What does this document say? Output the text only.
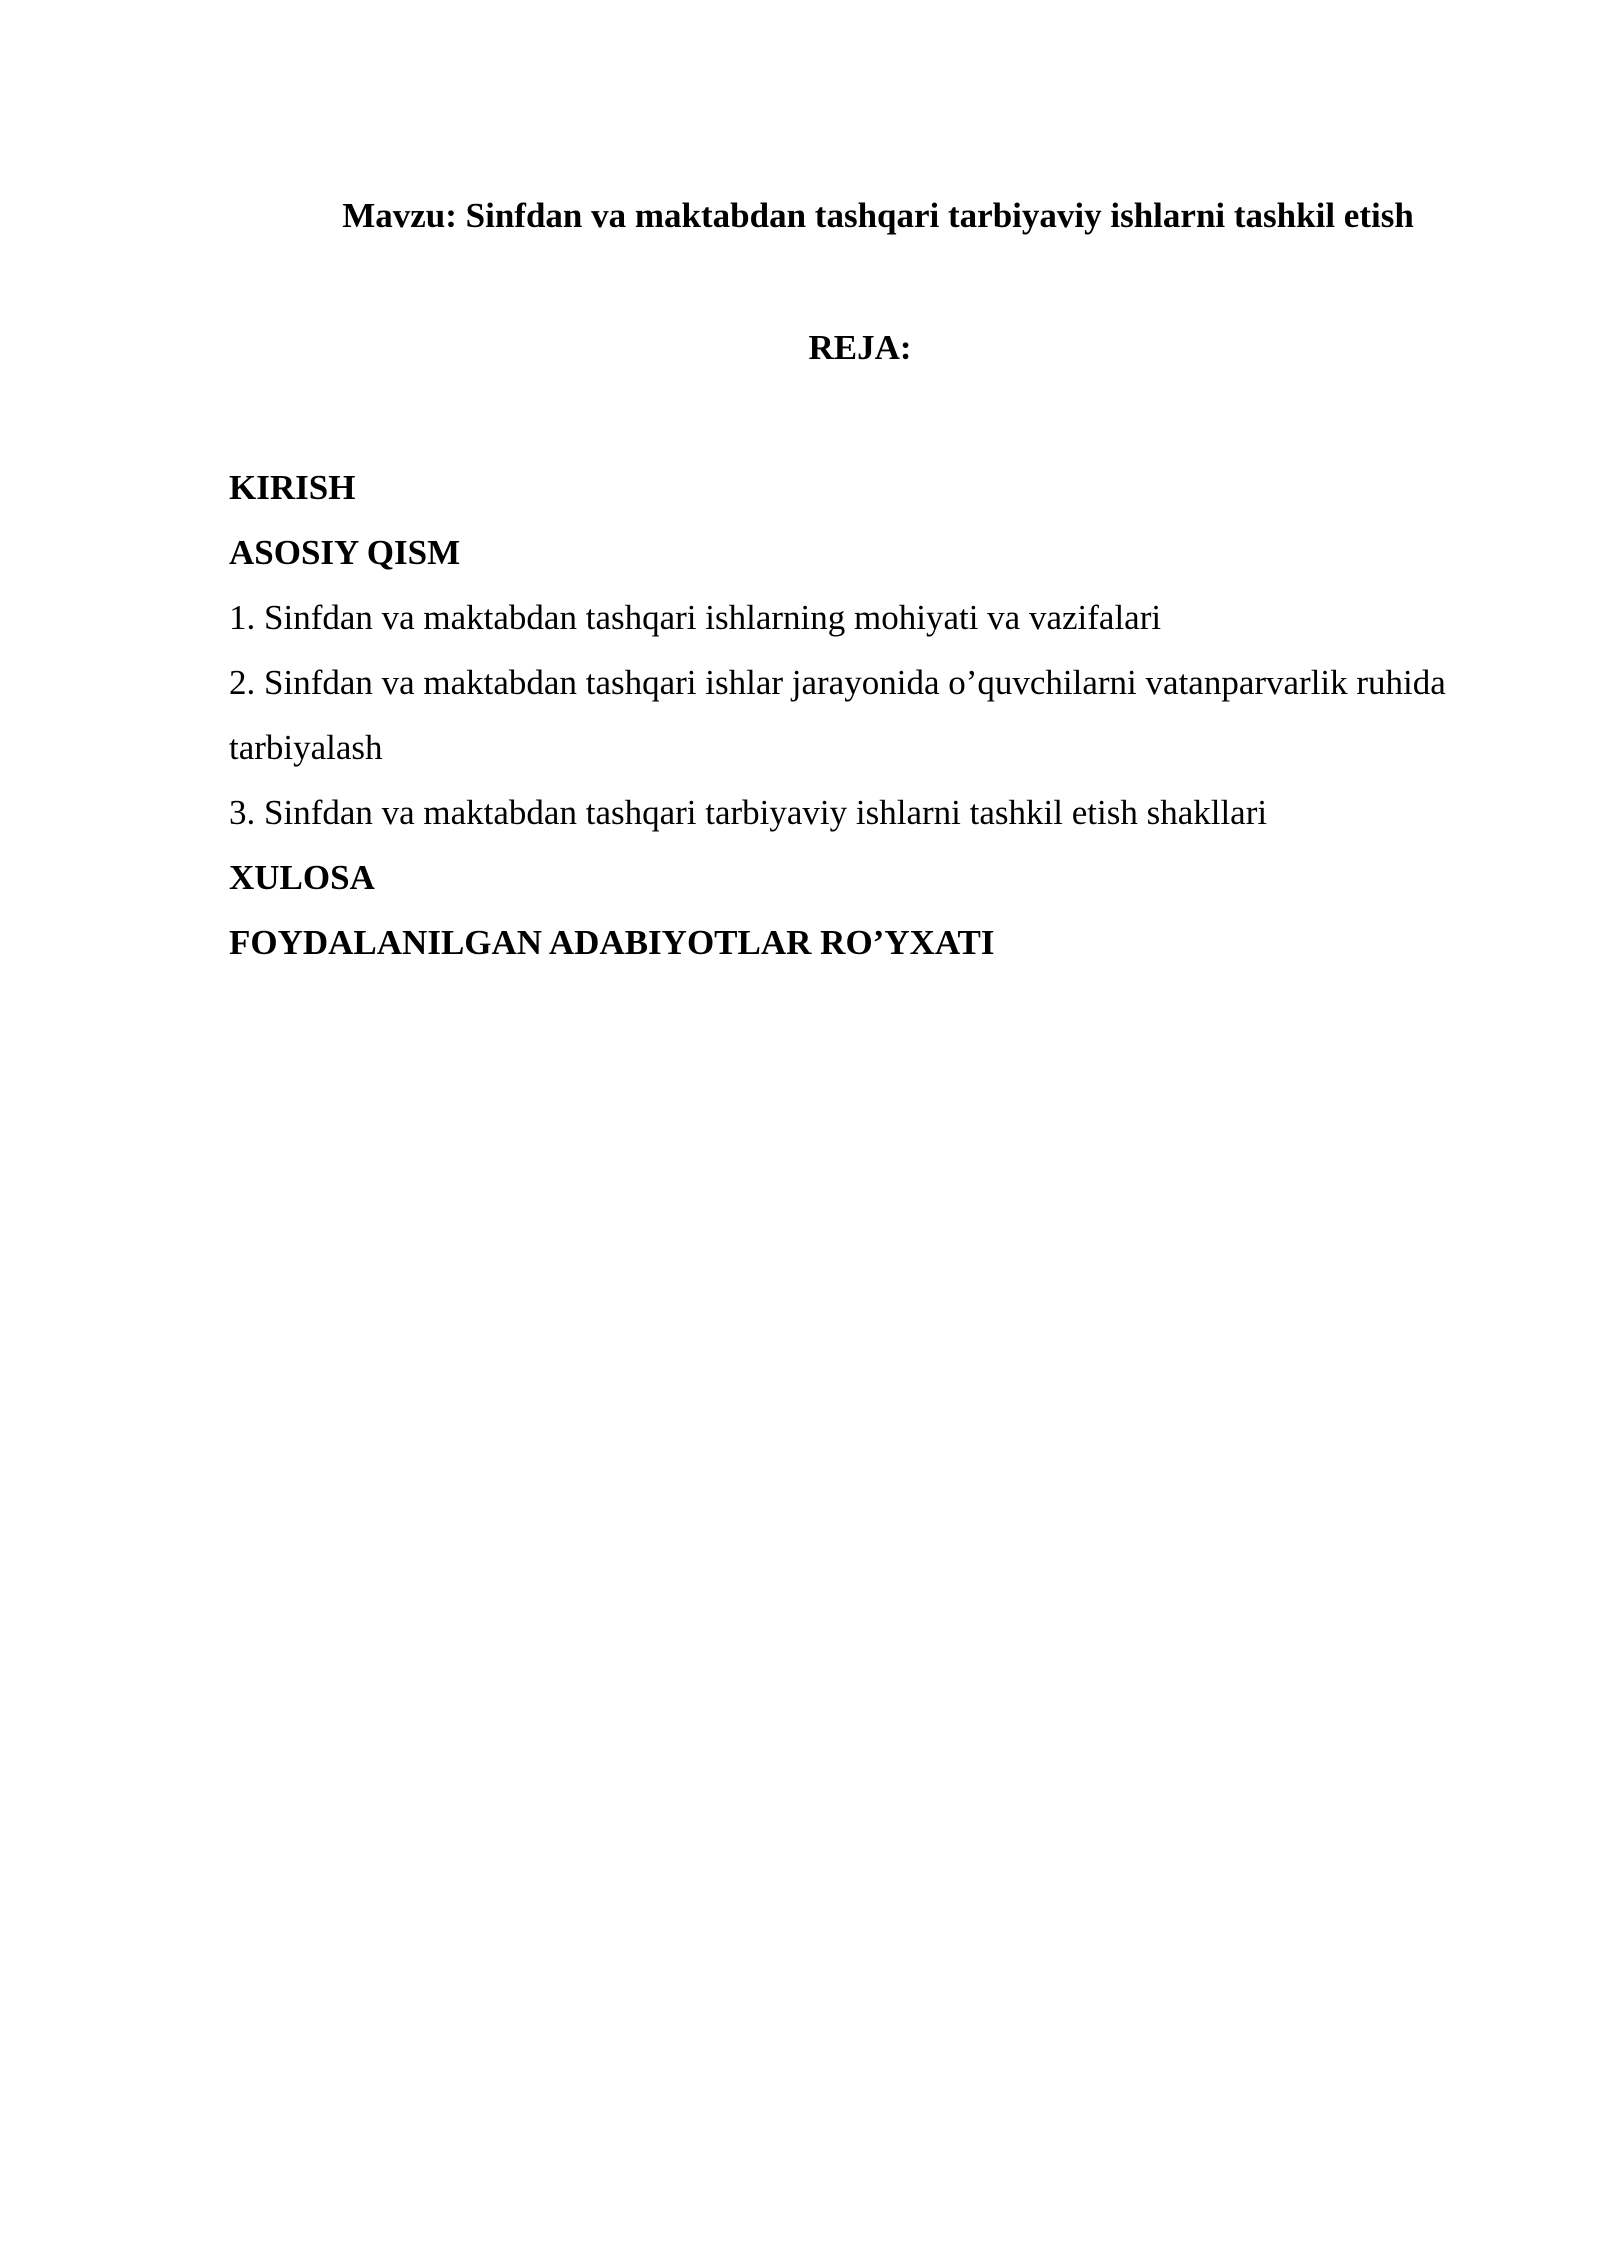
Mavzu: Sinfdan va maktabdan tashqari tarbiyaviy ishlarni tashkil etish
REJA:
KIRISH
ASOSIY QISM
1. Sinfdan va maktabdan tashqari ishlarning mohiyati va vazifalari
2. Sinfdan va maktabdan tashqari ishlar jarayonida o’quvchilarni vatanparvarlik ruhida tarbiyalash
3. Sinfdan va maktabdan tashqari tarbiyaviy ishlarni tashkil etish shakllari
XULOSA
FOYDALANILGAN ADABIYOTLAR RO’YXATI
